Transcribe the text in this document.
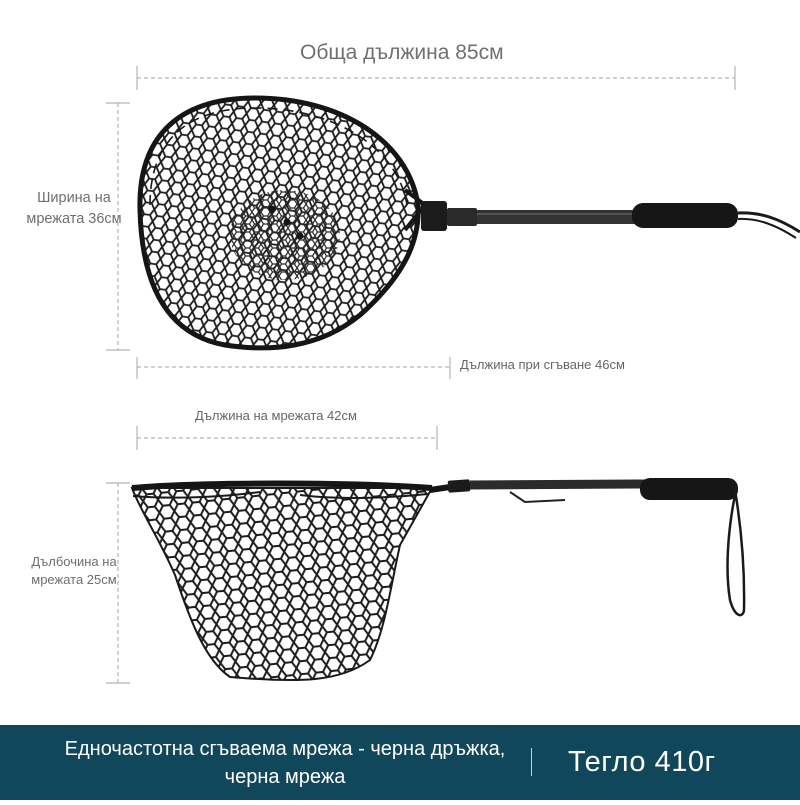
Обща дължина 85см
Ширина на мрежата 36см
Дължина при сгъване 46см
Дължина на мрежата 42см
Дълбочина на мрежата 25см
Едночастотна сгъваема мрежа - черна дръжка, черна мрежа	Тегло 410г
